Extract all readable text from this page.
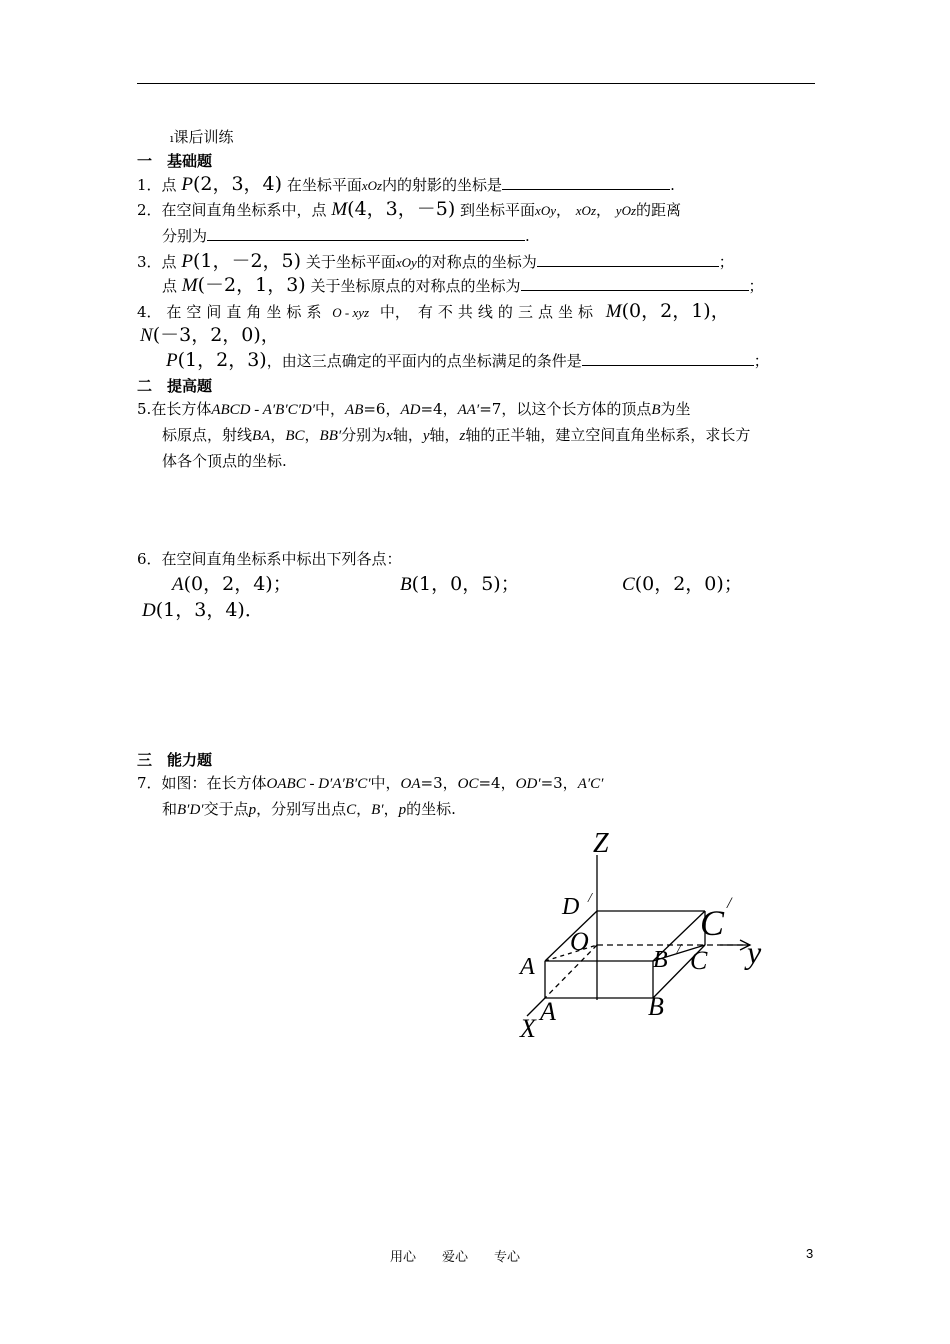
ı课后训练
一　基础题
1．点 P(2，3，4) 在坐标平面xOz内的射影的坐标是	.
2．在空间直角坐标系中，点 M(4，3，－5) 到坐标平面xOy， xOz， yOz的距离
分别为	.
3．点 P(1，－2，5) 关于坐标平面xOy的对称点的坐标为	；
点 M(－2，1，3) 关于坐标原点的对称点的坐标为	；
4． 在 空 间 直 角 坐 标 系 O - xyz 中， 有 不 共 线 的 三 点 坐 标 M(0，2，1)，
N(－3，2，0)，
P(1，2，3)，由这三点确定的平面内的点坐标满足的条件是	；
二　提高题
5.在长方体ABCD - A′B′C′D′中，AB=6，AD=4，AA′=7，以这个长方体的顶点B为坐
标原点，射线BA，BC，BB′分别为x轴，y轴，z轴的正半轴，建立空间直角坐标系，求长方
体各个顶点的坐标.
6．在空间直角坐标系中标出下列各点：
A(0，2，4)；	B(1，0，5)；	C(0，2，0)；
D(1，3，4)．
三　能力题
7．如图：在长方体OABC - D′A′B′C′中，OA=3，OC=4，OD′=3，A′C′
和B′D′交于点p，分别写出点C，B′，p的坐标.
Z
D /
C /
O
A	B / C y
B
A
X
用心　　爱心　　专心	3
